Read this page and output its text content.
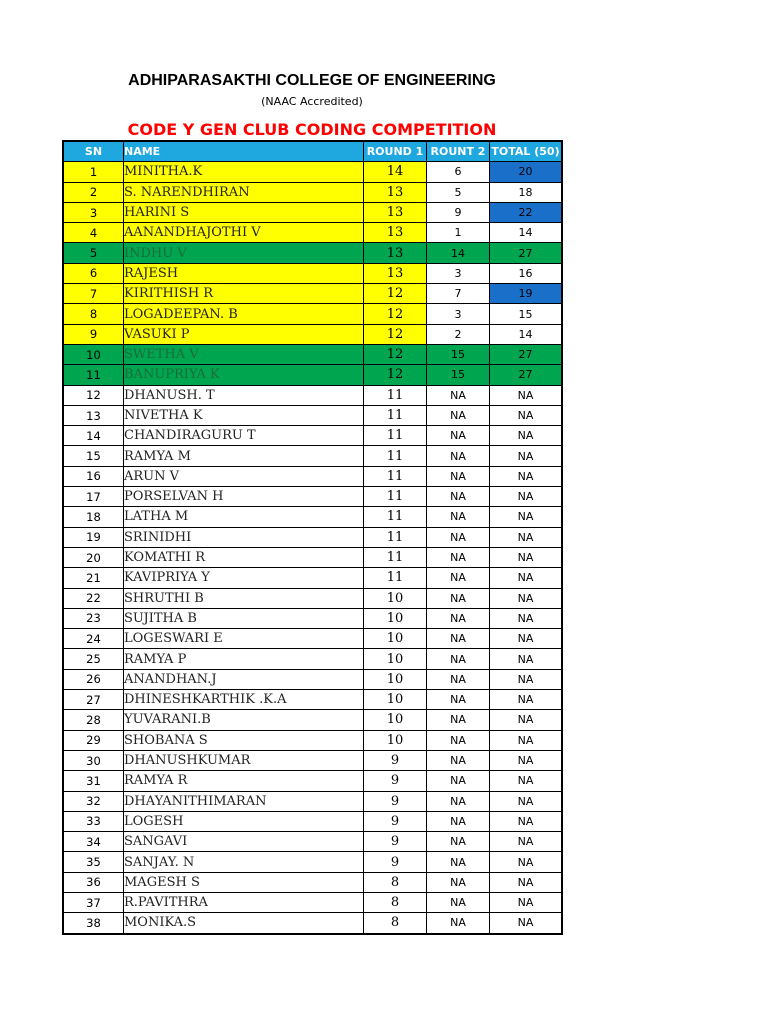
ADHIPARASAKTHI COLLEGE OF ENGINEERING
(NAAC Accredited)
CODE Y GEN CLUB CODING COMPETITION
SN	NAME	ROUND 1	ROUNT 2	TOTAL (50)
1	MINITHA.K	14	6	20
2	S. NARENDHIRAN	13	5	18
3	HARINI S	13	9	22
4	AANANDHAJOTHI V	13	1	14
5	INDHU V	13	14	27
6	RAJESH	13	3	16
7	KIRITHISH R	12	7	19
8	LOGADEEPAN. B	12	3	15
9	VASUKI P	12	2	14
10	SWETHA V	12	15	27
11	BANUPRIYA K	12	15	27
12	DHANUSH. T	11	NA	NA
13	NIVETHA K	11	NA	NA
14	CHANDIRAGURU T	11	NA	NA
15	RAMYA M	11	NA	NA
16	ARUN V	11	NA	NA
17	PORSELVAN H	11	NA	NA
18	LATHA M	11	NA	NA
19	SRINIDHI	11	NA	NA
20	KOMATHI R	11	NA	NA
21	KAVIPRIYA Y	11	NA	NA
22	SHRUTHI B	10	NA	NA
23	SUJITHA B	10	NA	NA
24	LOGESWARI E	10	NA	NA
25	RAMYA P	10	NA	NA
26	ANANDHAN.J	10	NA	NA
27	DHINESHKARTHIK .K.A	10	NA	NA
28	YUVARANI.B	10	NA	NA
29	SHOBANA S	10	NA	NA
30	DHANUSHKUMAR	9	NA	NA
31	RAMYA R	9	NA	NA
32	DHAYANITHIMARAN	9	NA	NA
33	LOGESH	9	NA	NA
34	SANGAVI	9	NA	NA
35	SANJAY. N	9	NA	NA
36	MAGESH S	8	NA	NA
37	R.PAVITHRA	8	NA	NA
38	MONIKA.S	8	NA	NA
